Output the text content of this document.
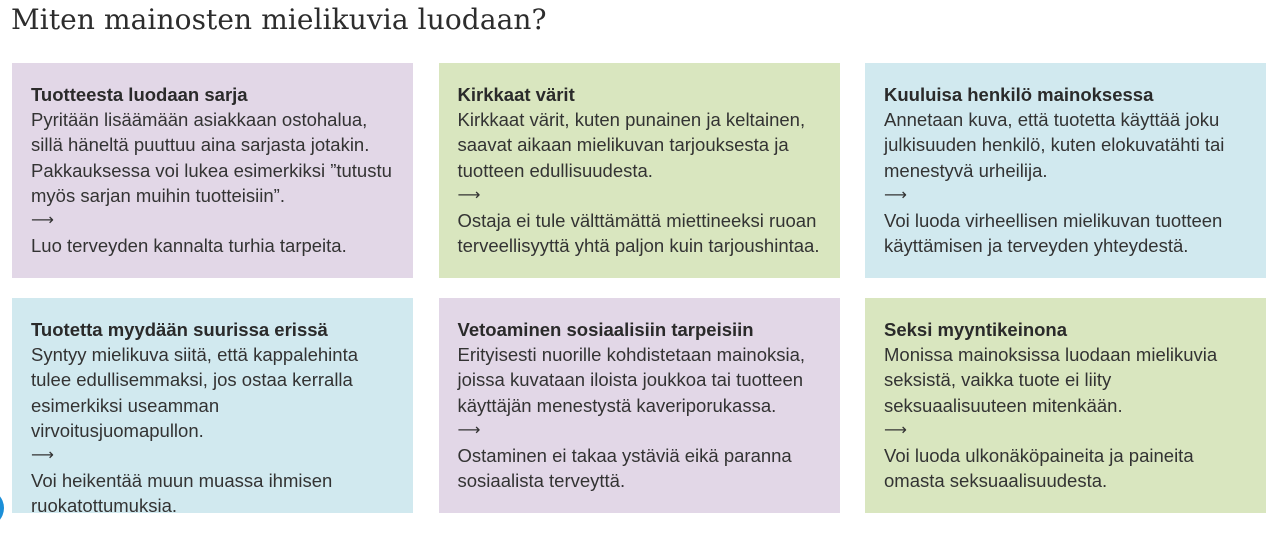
Miten mainosten mielikuvia luodaan?

Tuotteesta luodaan sarja

Pyritään lisäämään asiakkaan ostohalua, sillä häneltä puuttuu aina sarjasta jotakin. Pakkauksessa voi lukea esimerkiksi ”tutustu myös sarjan muihin tuotteisiin”.

⟶

Luo terveyden kannalta turhia tarpeita.

Kirkkaat värit

Kirkkaat värit, kuten punainen ja keltainen, saavat aikaan mielikuvan tarjouksesta ja tuotteen edullisuudesta.

⟶

Ostaja ei tule välttämättä miettineeksi ruoan terveellisyyttä yhtä paljon kuin tarjoushintaa.

Kuuluisa henkilö mainoksessa

Annetaan kuva, että tuotetta käyttää joku julkisuuden henkilö, kuten elokuvatähti tai menestyvä urheilija.

⟶

Voi luoda virheellisen mielikuvan tuotteen käyttämisen ja terveyden yhteydestä.

Tuotetta myydään suurissa erissä

Syntyy mielikuva siitä, että kappalehinta tulee edullisemmaksi, jos ostaa kerralla esimerkiksi useamman virvoitusjuomapullon.

⟶

Voi heikentää muun muassa ihmisen ruokatottumuksia.

Vetoaminen sosiaalisiin tarpeisiin

Erityisesti nuorille kohdistetaan mainoksia, joissa kuvataan iloista joukkoa tai tuotteen käyttäjän menestystä kaveriporukassa.

⟶

Ostaminen ei takaa ystäviä eikä paranna sosiaalista terveyttä.

Seksi myyntikeinona

Monissa mainoksissa luodaan mielikuvia seksistä, vaikka tuote ei liity seksuaalisuuteen mitenkään.

⟶

Voi luoda ulkonäköpaineita ja paineita omasta seksuaalisuudesta.
